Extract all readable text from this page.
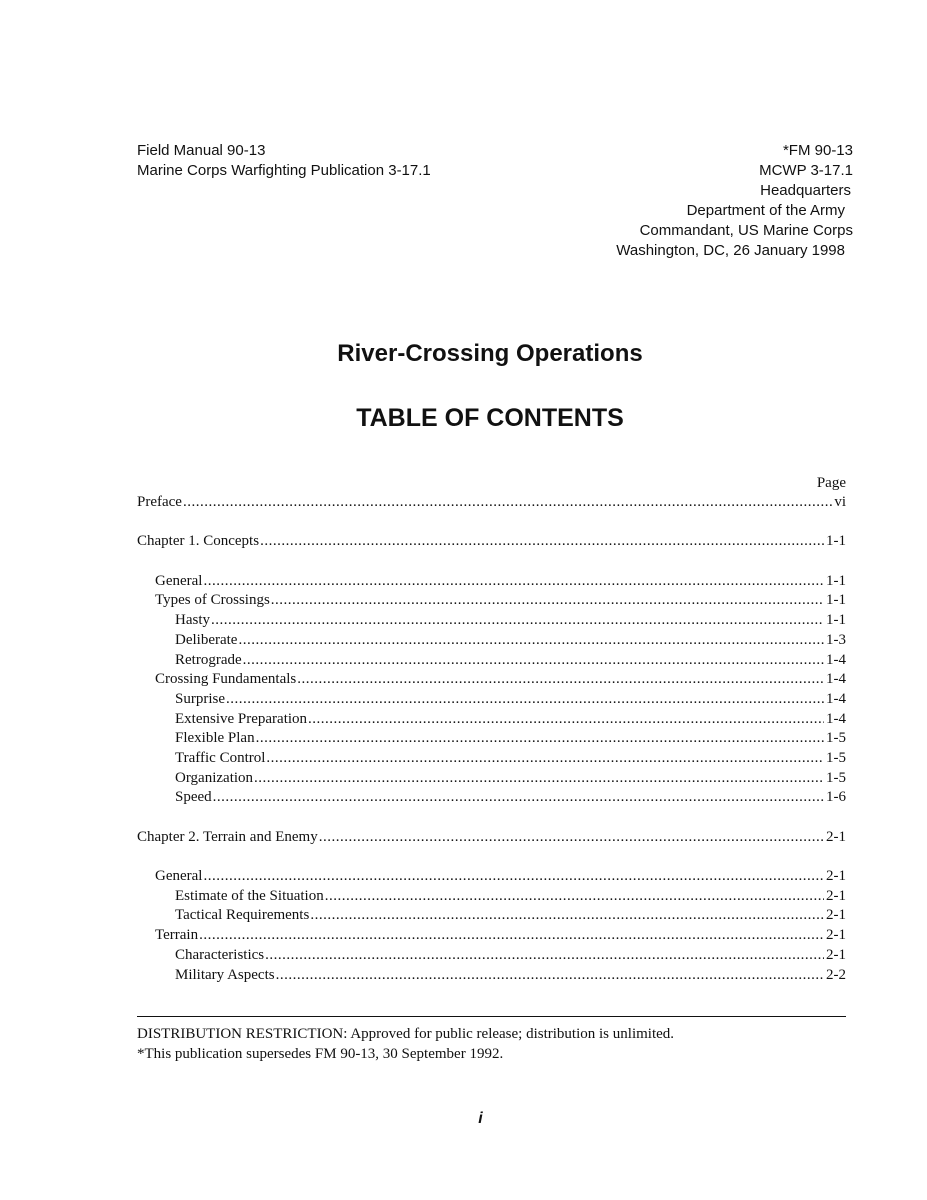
Field Manual 90-13
Marine Corps Warfighting Publication 3-17.1
*FM 90-13
MCWP 3-17.1
Headquarters
Department of the Army
Commandant, US Marine Corps
Washington, DC, 26 January 1998
River-Crossing Operations
TABLE OF CONTENTS
Page
Preface .....	vi
Chapter 1. Concepts .....	1-1
General .....	1-1
Types of Crossings .....	1-1
Hasty .....	1-1
Deliberate .....	1-3
Retrograde .....	1-4
Crossing Fundamentals .....	1-4
Surprise .....	1-4
Extensive Preparation .....	1-4
Flexible Plan .....	1-5
Traffic Control .....	1-5
Organization .....	1-5
Speed .....	1-6
Chapter 2. Terrain and Enemy .....	2-1
General .....	2-1
Estimate of the Situation .....	2-1
Tactical Requirements .....	2-1
Terrain .....	2-1
Characteristics .....	2-1
Military Aspects .....	2-2
DISTRIBUTION RESTRICTION: Approved for public release; distribution is unlimited.
*This publication supersedes FM 90-13, 30 September 1992.
i
